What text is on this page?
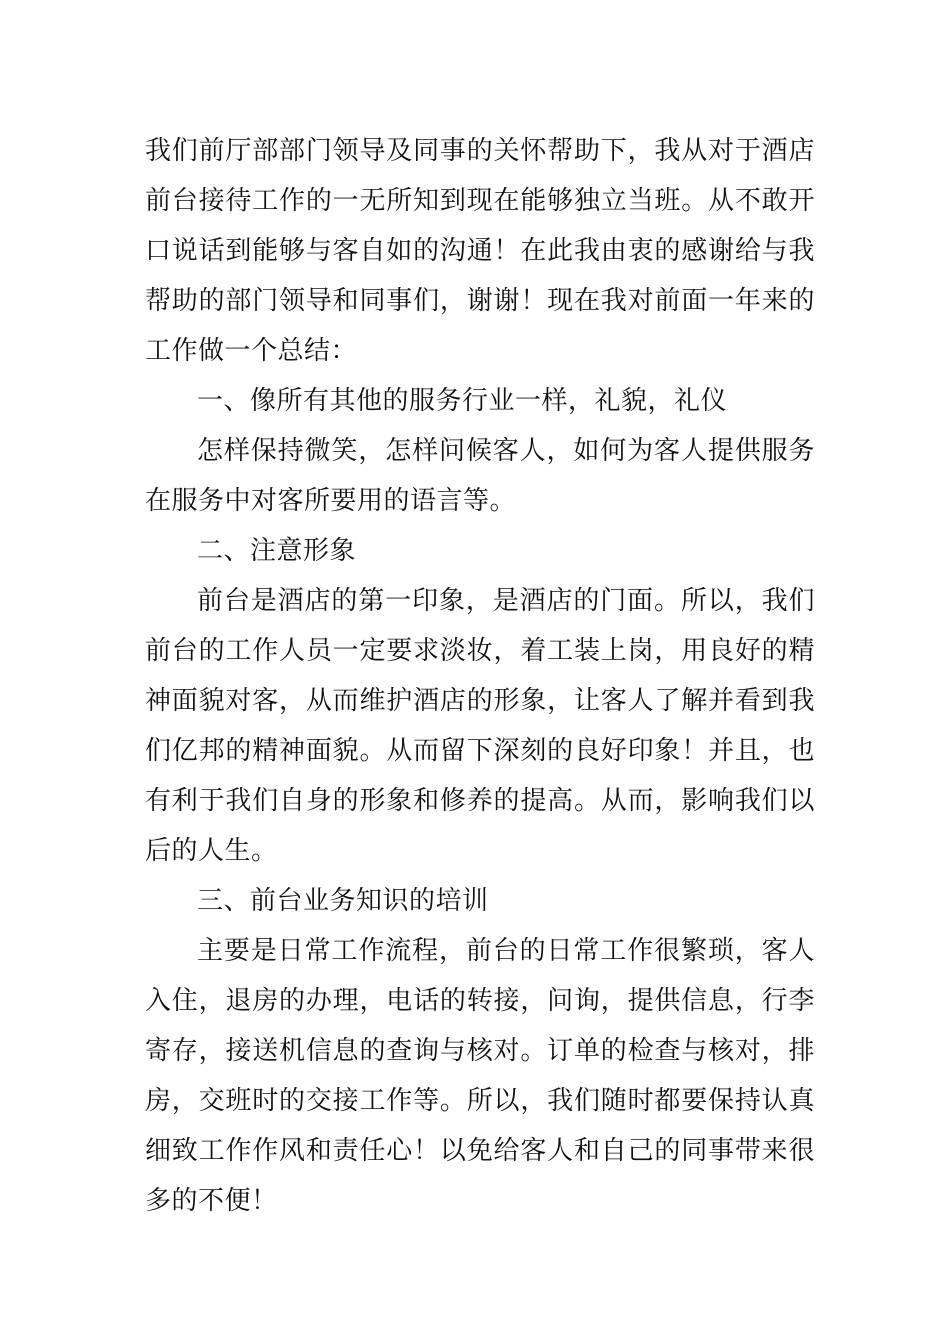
我们前厅部部门领导及同事的关怀帮助下，我从对于酒店前台接待工作的一无所知到现在能够独立当班。从不敢开口说话到能够与客自如的沟通！在此我由衷的感谢给与我帮助的部门领导和同事们，谢谢！现在我对前面一年来的工作做一个总结：

一、像所有其他的服务行业一样，礼貌，礼仪

怎样保持微笑，怎样问候客人，如何为客人提供服务在服务中对客所要用的语言等。

二、注意形象

前台是酒店的第一印象，是酒店的门面。所以，我们前台的工作人员一定要求淡妆，着工装上岗，用良好的精神面貌对客，从而维护酒店的形象，让客人了解并看到我们亿邦的精神面貌。从而留下深刻的良好印象！并且，也有利于我们自身的形象和修养的提高。从而，影响我们以后的人生。

三、前台业务知识的培训

主要是日常工作流程，前台的日常工作很繁琐，客人入住，退房的办理，电话的转接，问询，提供信息，行李寄存，接送机信息的查询与核对。订单的检查与核对，排房，交班时的交接工作等。所以，我们随时都要保持认真细致工作作风和责任心！以免给客人和自己的同事带来很多的不便！
